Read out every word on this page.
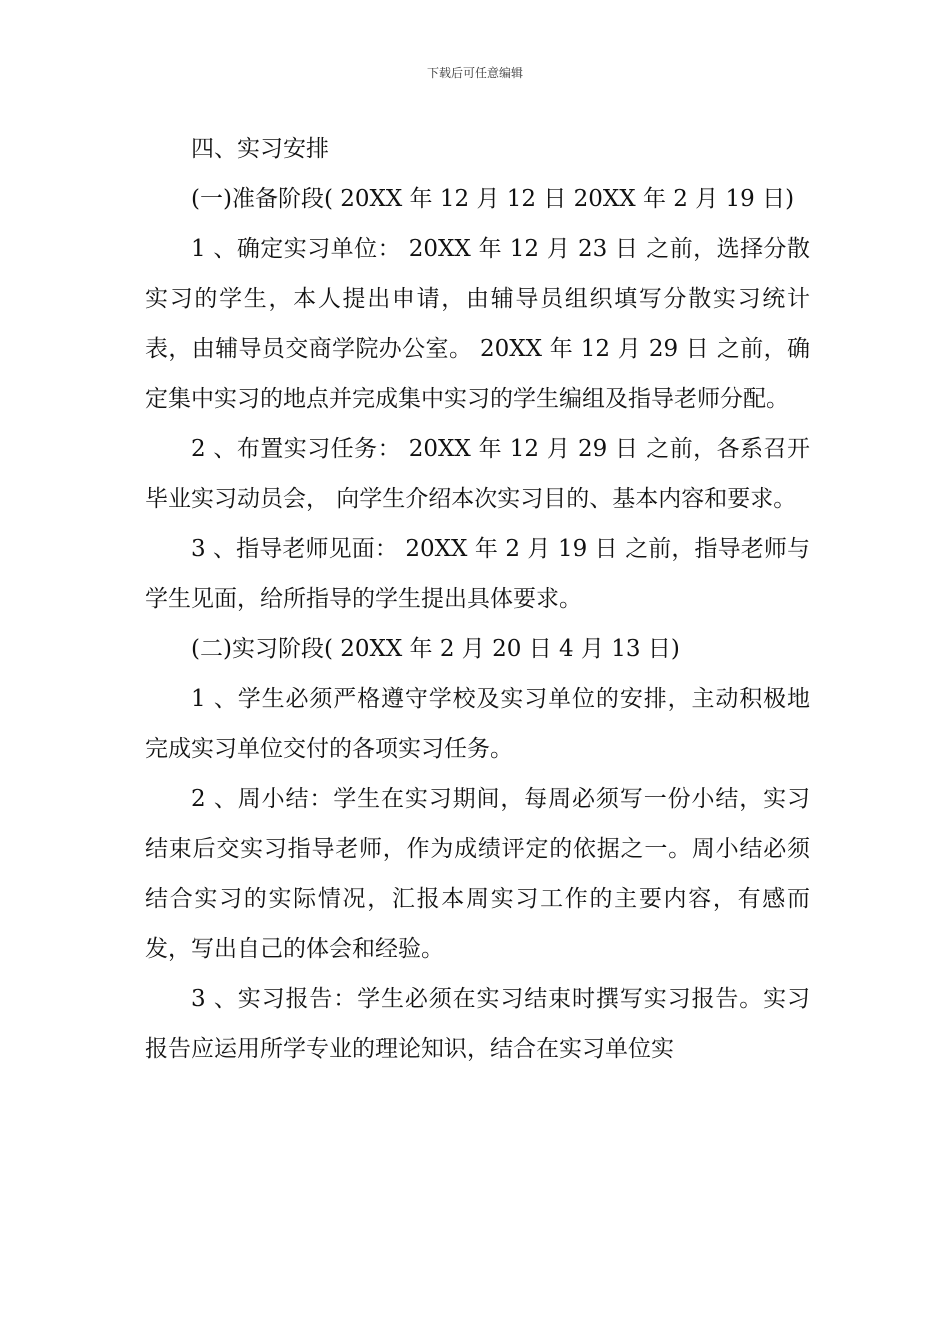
下载后可任意编辑

四、实习安排

(一)准备阶段( 20XX 年 12 月 12 日 20XX 年 2 月 19 日)

1 、确定实习单位： 20XX 年 12 月 23 日 之前，选择分散实习的学生，本人提出申请，由辅导员组织填写分散实习统计表，由辅导员交商学院办公室。 20XX 年 12 月 29 日 之前，确定集中实习的地点并完成集中实习的学生编组及指导老师分配。

2 、布置实习任务： 20XX 年 12 月 29 日 之前，各系召开毕业实习动员会， 向学生介绍本次实习目的、基本内容和要求。

3 、指导老师见面： 20XX 年 2 月 19 日 之前，指导老师与学生见面，给所指导的学生提出具体要求。

(二)实习阶段( 20XX 年 2 月 20 日 4 月 13 日)

1 、学生必须严格遵守学校及实习单位的安排，主动积极地完成实习单位交付的各项实习任务。

2 、周小结：学生在实习期间，每周必须写一份小结，实习结束后交实习指导老师，作为成绩评定的依据之一。周小结必须结合实习的实际情况，汇报本周实习工作的主要内容，有感而发，写出自己的体会和经验。

3 、实习报告：学生必须在实习结束时撰写实习报告。实习报告应运用所学专业的理论知识，结合在实习单位实
